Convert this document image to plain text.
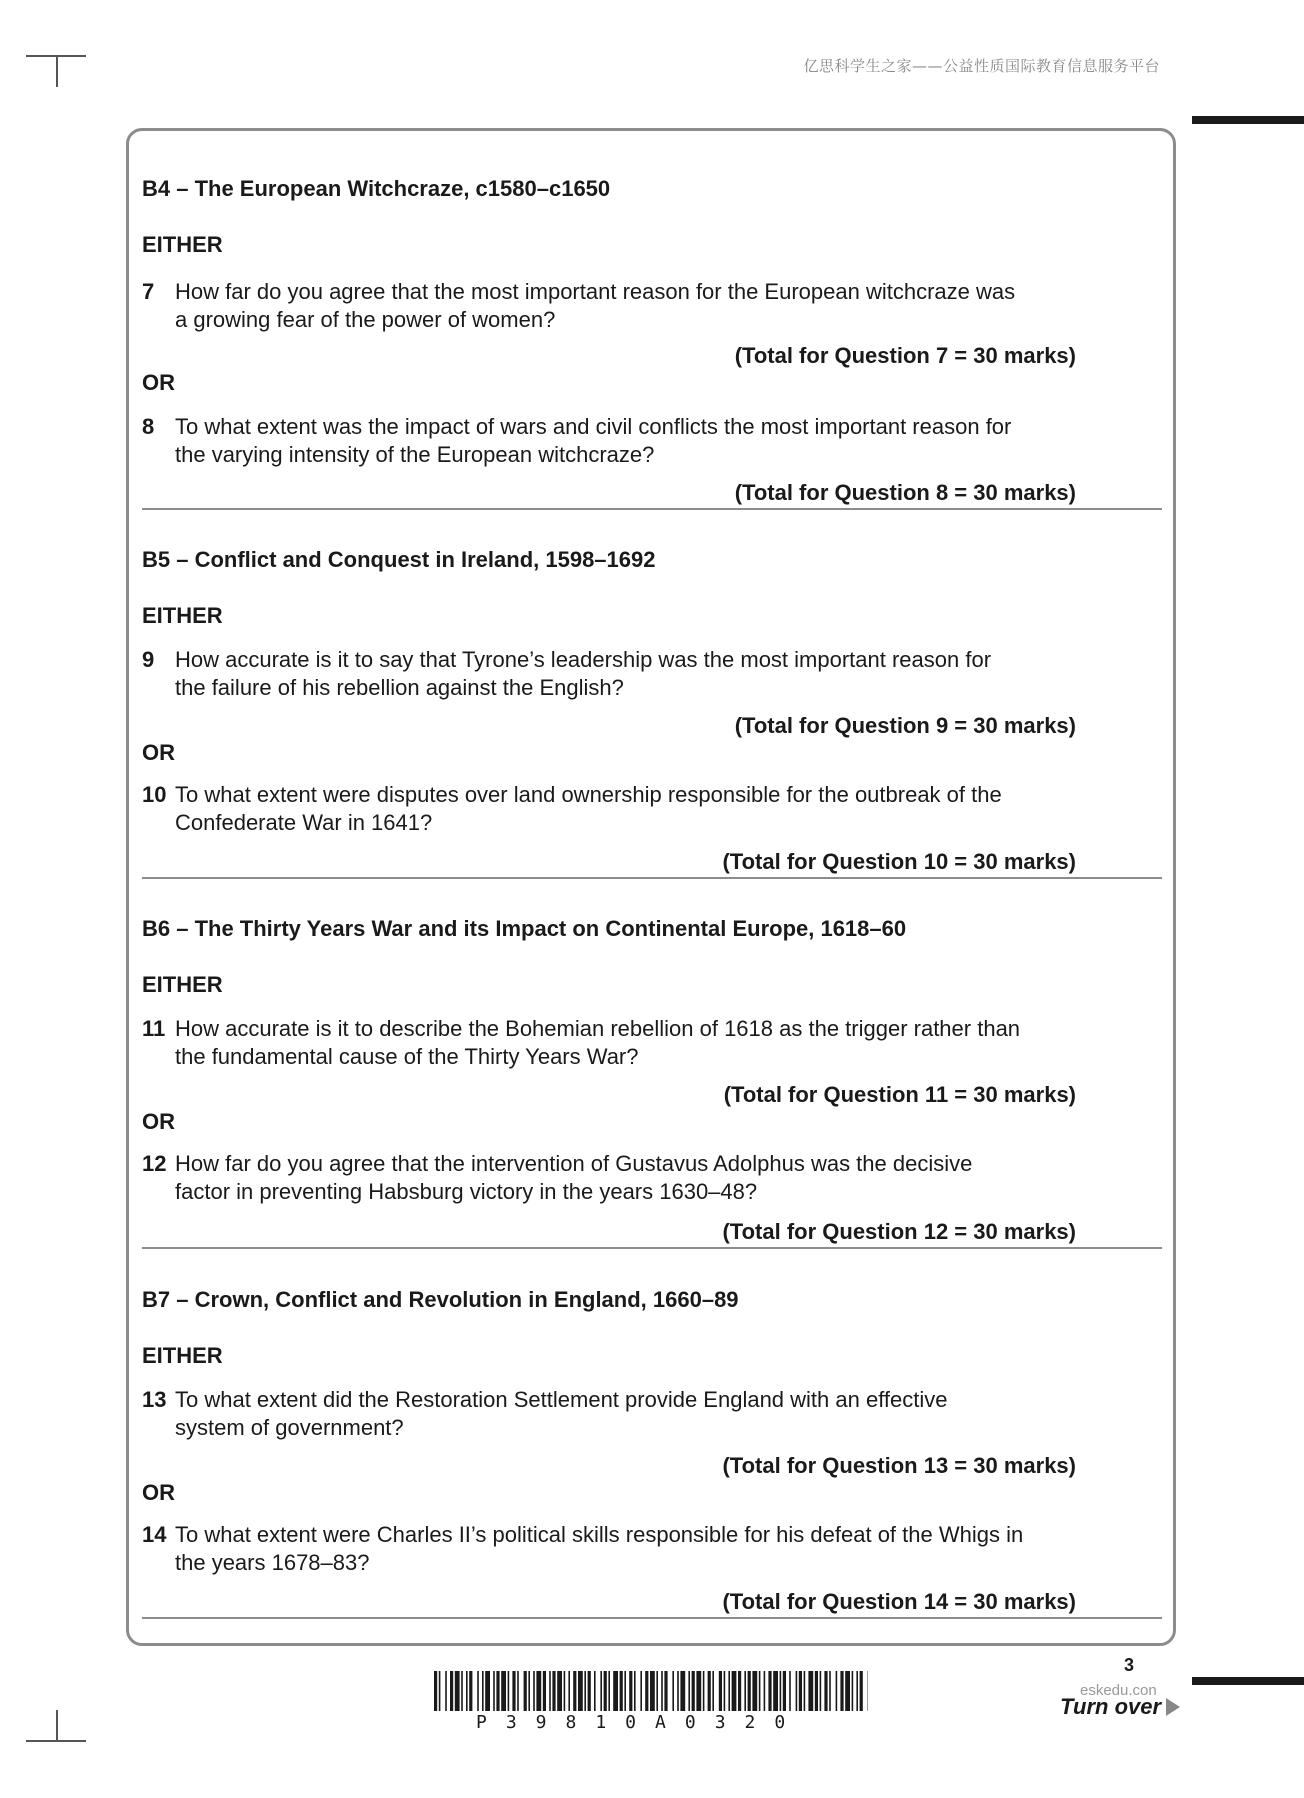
亿思科学生之家——公益性质国际教育信息服务平台
B4 – The European Witchcraze, c1580–c1650
EITHER
7 How far do you agree that the most important reason for the European witchcraze was
a growing fear of the power of women?
(Total for Question 7 = 30 marks)
OR
8 To what extent was the impact of wars and civil conflicts the most important reason for
the varying intensity of the European witchcraze?
(Total for Question 8 = 30 marks)
B5 – Conflict and Conquest in Ireland, 1598–1692
EITHER
9 How accurate is it to say that Tyrone’s leadership was the most important reason for
the failure of his rebellion against the English?
(Total for Question 9 = 30 marks)
OR
10 To what extent were disputes over land ownership responsible for the outbreak of the
Confederate War in 1641?
(Total for Question 10 = 30 marks)
B6 – The Thirty Years War and its Impact on Continental Europe, 1618–60
EITHER
11 How accurate is it to describe the Bohemian rebellion of 1618 as the trigger rather than
the fundamental cause of the Thirty Years War?
(Total for Question 11 = 30 marks)
OR
12 How far do you agree that the intervention of Gustavus Adolphus was the decisive
factor in preventing Habsburg victory in the years 1630–48?
(Total for Question 12 = 30 marks)
B7 – Crown, Conflict and Revolution in England, 1660–89
EITHER
13 To what extent did the Restoration Settlement provide England with an effective
system of government?
(Total for Question 13 = 30 marks)
OR
14 To what extent were Charles II’s political skills responsible for his defeat of the Whigs in
the years 1678–83?
(Total for Question 14 = 30 marks)
3
P39810A0320
eskedu.con
Turn over
